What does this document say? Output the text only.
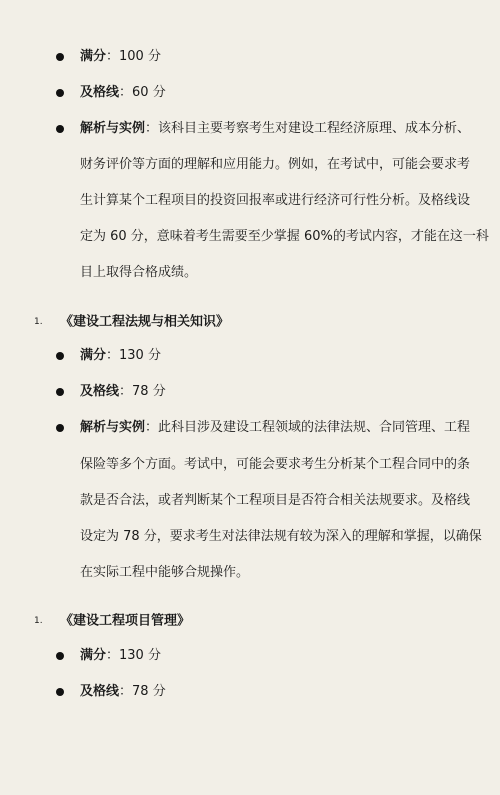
满分：100 分
及格线：60 分
解析与实例：该科目主要考察考生对建设工程经济原理、成本分析、
财务评价等方面的理解和应用能力。例如，在考试中，可能会要求考
生计算某个工程项目的投资回报率或进行经济可行性分析。及格线设
定为 60 分，意味着考生需要至少掌握 60%的考试内容，才能在这一科
目上取得合格成绩。
1. 《建设工程法规与相关知识》
满分：130 分
及格线：78 分
解析与实例：此科目涉及建设工程领域的法律法规、合同管理、工程
保险等多个方面。考试中，可能会要求考生分析某个工程合同中的条
款是否合法，或者判断某个工程项目是否符合相关法规要求。及格线
设定为 78 分，要求考生对法律法规有较为深入的理解和掌握，以确保
在实际工程中能够合规操作。
1. 《建设工程项目管理》
满分：130 分
及格线：78 分
